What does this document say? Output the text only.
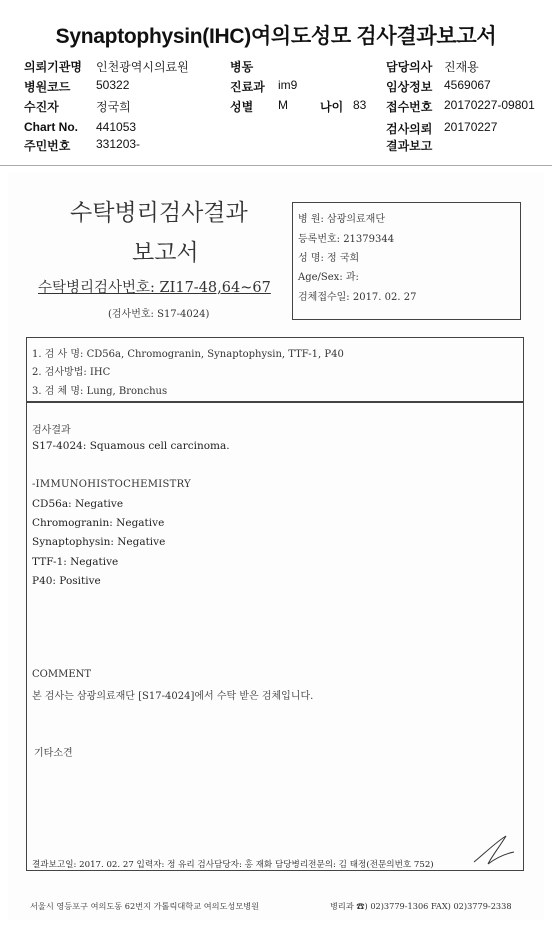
Synaptophysin(IHC)여의도성모 검사결과보고서
의뢰기관명 인천광역시의료원	병동	담당의사 진재용
병원코드 50322	진료과 im9	임상정보 4569067
수진자	정국희	성별 M	나이 83 접수번호 20170227-09801
Chart No. 441053	검사의뢰 20170227
주민번호 331203-	결과보고
수탁병리검사결과
보고서
수탁병리검사번호: ZI17-48,64~67
(검사번호: S17-4024)
병 원: 삼광의료재단
등록번호: 21379344
성 명: 정 국희
Age/Sex: 과:
검체접수일: 2017. 02. 27
1. 검 사 명: CD56a, Chromogranin, Synaptophysin, TTF-1, P40
2. 검사방법: IHC
3. 검 체 명: Lung, Bronchus
검사결과
S17-4024: Squamous cell carcinoma.
-IMMUNOHISTOCHEMISTRY
CD56a: Negative
Chromogranin: Negative
Synaptophysin: Negative
TTF-1: Negative
P40: Positive
COMMENT
본 검사는 삼광의료재단 [S17-4024]에서 수탁 받은 검체입니다.
기타소견
결과보고일: 2017. 02. 27 입력자: 정 유리 검사담당자: 홍 재화 담당병리전문의: 김 태정(전문의번호 752)
서울시 영등포구 여의도동 62번지 가톨릭대학교 여의도성모병원	병리과 ☎) 02)3779-1306 FAX) 02)3779-2338
